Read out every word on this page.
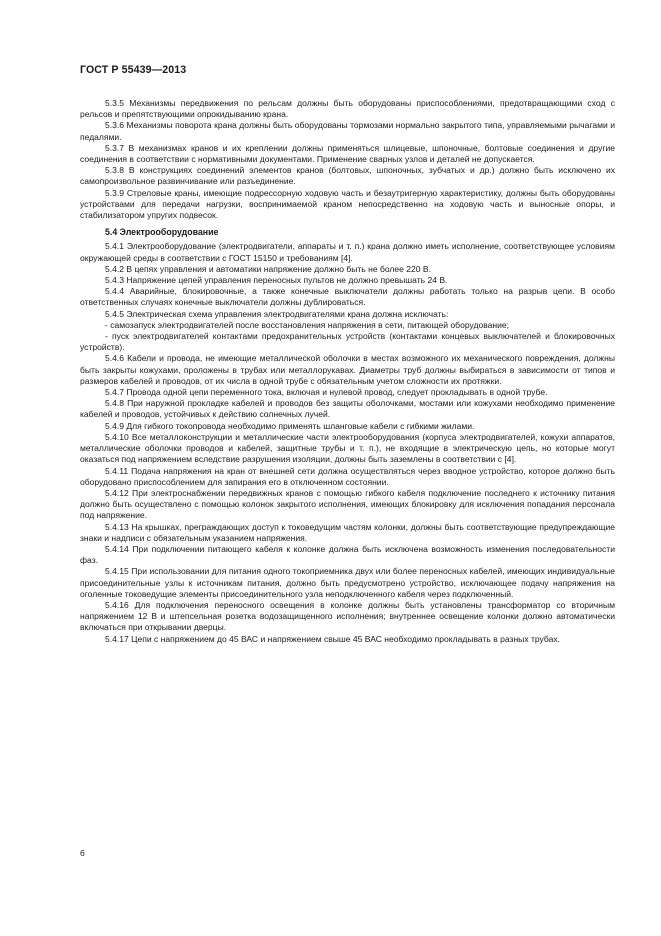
ГОСТ Р 55439—2013

5.3.5 Механизмы передвижения по рельсам должны быть оборудованы приспособлениями, предотвращающими сход с рельсов и препятствующими опрокидыванию крана.

5.3.6 Механизмы поворота крана должны быть оборудованы тормозами нормально закрытого типа, управляемыми рычагами и педалями.

5.3.7 В механизмах кранов и их креплении должны применяться шлицевые, шпоночные, болтовые соединения и другие соединения в соответствии с нормативными документами. Применение сварных узлов и деталей не допускается.

5.3.8 В конструкциях соединений элементов кранов (болтовых, шпоночных, зубчатых и др.) должно быть исключено их самопроизвольное развинчивание или разъединение.

5.3.9 Стреловые краны, имеющие подрессорную ходовую часть и безаутригерную характеристику, должны быть оборудованы устройствами для передачи нагрузки, воспринимаемой краном непосредственно на ходовую часть и выносные опоры, и стабилизатором упругих подвесок.

5.4 Электрооборудование

5.4.1 Электрооборудование (электродвигатели, аппараты и т. п.) крана должно иметь исполнение, соответствующее условиям окружающей среды в соответствии с ГОСТ 15150 и требованиям [4].

5.4.2 В цепях управления и автоматики напряжение должно быть не более 220 В.

5.4.3 Напряжение цепей управления переносных пультов не должно превышать 24 В.

5.4.4 Аварийные, блокировочные, а также конечные выключатели должны работать только на разрыв цепи. В особо ответственных случаях конечные выключатели должны дублироваться.

5.4.5 Электрическая схема управления электродвигателями крана должна исключать:

- самозапуск электродвигателей после восстановления напряжения в сети, питающей оборудование;

- пуск электродвигателей контактами предохранительных устройств (контактами концевых выключателей и блокировочных устройств).

5.4.6 Кабели и провода, не имеющие металлической оболочки в местах возможного их механического повреждения, должны быть закрыты кожухами, проложены в трубах или металлорукавах. Диаметры труб должны выбираться в зависимости от типов и размеров кабелей и проводов, от их числа в одной трубе с обязательным учетом сложности их протяжки.

5.4.7 Провода одной цепи переменного тока, включая и нулевой провод, следует прокладывать в одной трубе.

5.4.8 При наружной прокладке кабелей и проводов без защиты оболочками, мостами или кожухами необходимо применение кабелей и проводов, устойчивых к действию солнечных лучей.

5.4.9 Для гибкого токопровода необходимо применять шланговые кабели с гибкими жилами.

5.4.10 Все металлоконструкции и металлические части электрооборудования (корпуса электродвигателей, кожухи аппаратов, металлические оболочки проводов и кабелей, защитные трубы и т. п.), не входящие в электрическую цепь, но которые могут оказаться под напряжением вследствие разрушения изоляции, должны быть заземлены в соответствии с [4].

5.4.11 Подача напряжения на кран от внешней сети должна осуществляться через вводное устройство, которое должно быть оборудовано приспособлением для запирания его в отключенном состоянии.

5.4.12 При электроснабжении передвижных кранов с помощью гибкого кабеля подключение последнего к источнику питания должно быть осуществлено с помощью колонок закрытого исполнения, имеющих блокировку для исключения попадания персонала под напряжение.

5.4.13 На крышках, преграждающих доступ к токоведущим частям колонки, должны быть соответствующие предупреждающие знаки и надписи с обязательным указанием напряжения.

5.4.14 При подключении питающего кабеля к колонке должна быть исключена возможность изменения последовательности фаз.

5.4.15 При использовании для питания одного токоприемника двух или более переносных кабелей, имеющих индивидуальные присоединительные узлы к источникам питания, должно быть предусмотрено устройство, исключающее подачу напряжения на оголенные токоведущие элементы присоединительного узла неподключенного кабеля через подключенный.

5.4.16 Для подключения переносного освещения в колонке должны быть установлены трансформатор со вторичным напряжением 12 В и штепсельная розетка водозащищенного исполнения; внутреннее освещение колонки должно автоматически включаться при открывании дверцы.

5.4.17 Цепи с напряжением до 45 ВАС и напряжением свыше 45 ВАС необходимо прокладывать в разных трубах.

6
